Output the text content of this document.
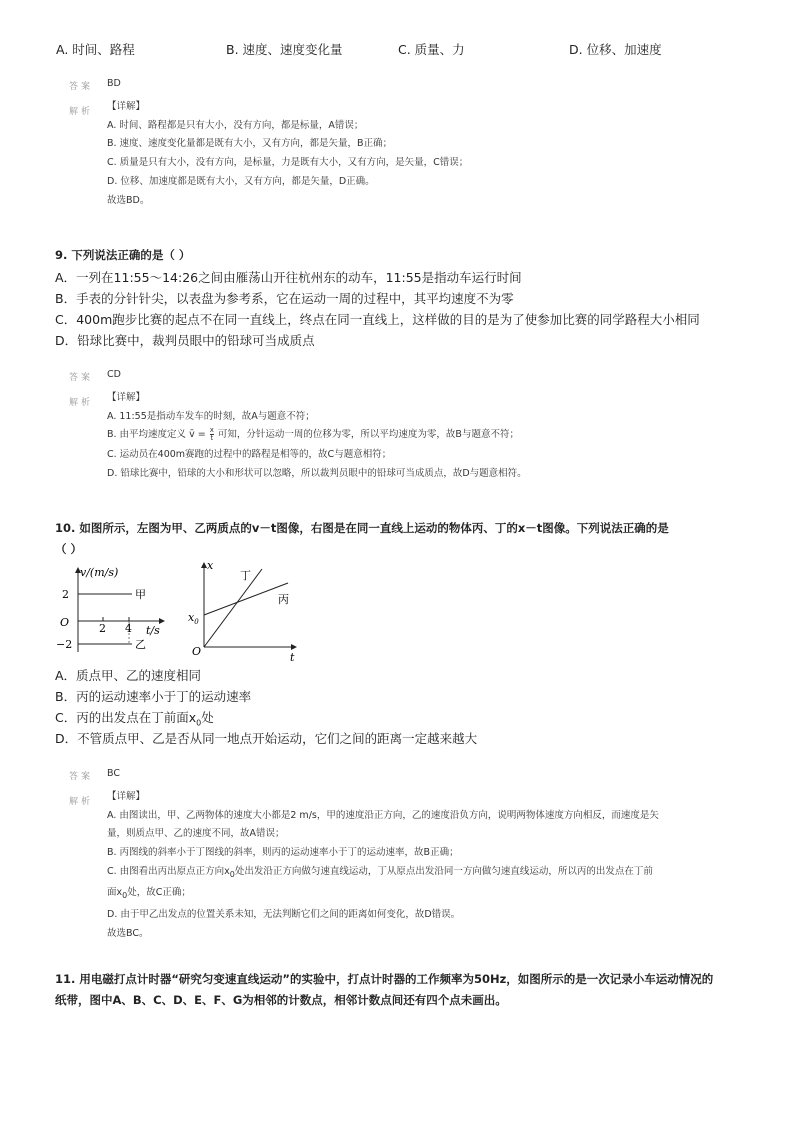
A. 时间、路程	B. 速度、速度变化量	C. 质量、力	D. 位移、加速度
答案 BD
解析 【详解】
A. 时间、路程都是只有大小，没有方向，都是标量，A错误；
B. 速度、速度变化量都是既有大小，又有方向，都是矢量，B正确；
C. 质量是只有大小，没有方向，是标量，力是既有大小，又有方向，是矢量，C错误；
D. 位移、加速度都是既有大小，又有方向，都是矢量，D正确。
故选BD。
9. 下列说法正确的是（ ）
A．一列在11:55～14:26之间由雁荡山开往杭州东的动车，11:55是指动车运行时间
B．手表的分针针尖，以表盘为参考系，它在运动一周的过程中，其平均速度不为零
C．400m跑步比赛的起点不在同一直线上，终点在同一直线上，这样做的目的是为了使参加比赛的同学路程大小相同
D．铅球比赛中，裁判员眼中的铅球可当成质点
答案 CD
解析 【详解】
A. 11:55是指动车发车的时刻，故A与题意不符；
B. 由平均速度定义 v̄ = $\frac{x}{t}$ 可知，分针运动一周的位移为零，所以平均速度为零，故B与题意不符；
C. 运动员在400m赛跑的过程中的路程是相等的，故C与题意相符；
D. 铅球比赛中，铅球的大小和形状可以忽略，所以裁判员眼中的铅球可当成质点，故D与题意相符。
10. 如图所示，左图为甲、乙两质点的v－t图像，右图是在同一直线上运动的物体丙、丁的x－t图像。下列说法正确的是
（ ）
v/(m/s)
t/s
O
2
−2
2 4
甲
乙
x
t
O
$x_0$
丁
丙
A．质点甲、乙的速度相同
B．丙的运动速率小于丁的运动速率
C．丙的出发点在丁前面$x_0$处
D．不管质点甲、乙是否从同一地点开始运动，它们之间的距离一定越来越大
答案 BC
解析 【详解】
A. 由图读出，甲、乙两物体的速度大小都是2 m/s，甲的速度沿正方向，乙的速度沿负方向，说明两物体速度方向相反，而速度是矢
量，则质点甲、乙的速度不同，故A错误；
B. 丙图线的斜率小于丁图线的斜率，则丙的运动速率小于丁的运动速率，故B正确；
C. 由图看出丙出原点正方向$x_0$处出发沿正方向做匀速直线运动，丁从原点出发沿同一方向做匀速直线运动，所以丙的出发点在丁前
面$x_0$处，故C正确；
D. 由于甲乙出发点的位置关系未知，无法判断它们之间的距离如何变化，故D错误。
故选BC。
11. 用电磁打点计时器“研究匀变速直线运动”的实验中，打点计时器的工作频率为50Hz，如图所示的是一次记录小车运动情况的
纸带，图中A、B、C、D、E、F、G为相邻的计数点，相邻计数点间还有四个点未画出。
